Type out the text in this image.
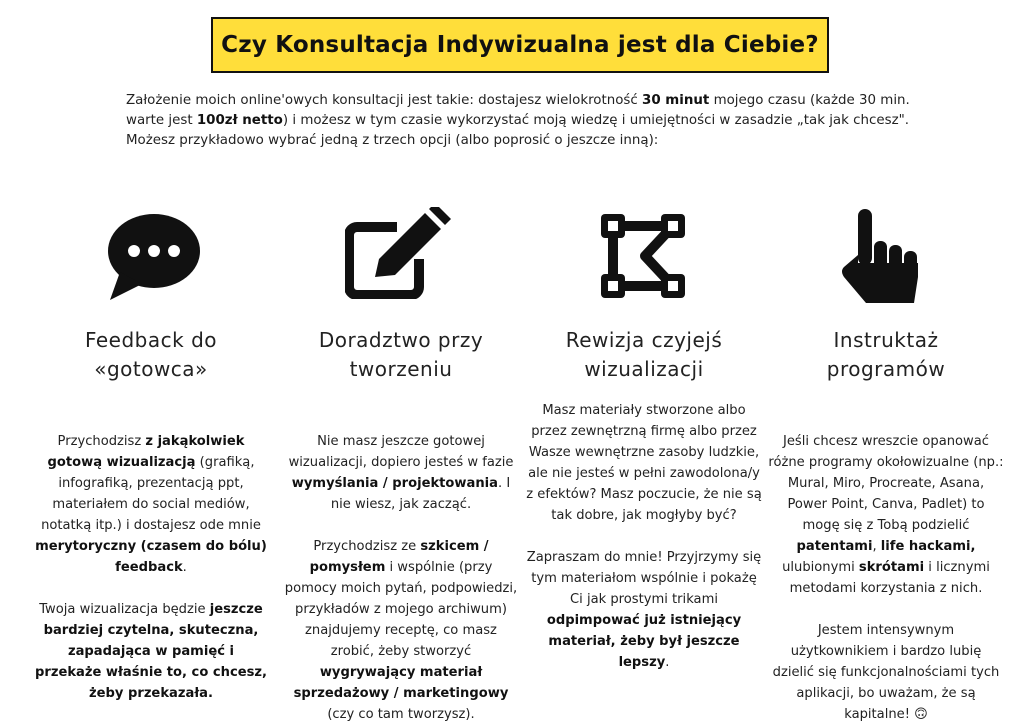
Czy Konsultacja Indywizualna jest dla Ciebie?

Założenie moich online'owych konsultacji jest takie: dostajesz wielokrotność 30 minut mojego czasu (każde 30 min. warte jest 100zł netto) i możesz w tym czasie wykorzystać moją wiedzę i umiejętności w zasadzie „tak jak chcesz".

Możesz przykładowo wybrać jedną z trzech opcji (albo poprosić o jeszcze inną):

Feedback do
«gotowca»

Przychodzisz z jakąkolwiek gotową wizualizacją (grafiką, infografiką, prezentacją ppt, materiałem do social mediów, notatką itp.) i dostajesz ode mnie merytoryczny (czasem do bólu) feedback.

Twoja wizualizacja będzie jeszcze bardziej czytelna, skuteczna, zapadająca w pamięć i przekaże właśnie to, co chcesz, żeby przekazała.

Doradztwo przy
tworzeniu

Nie masz jeszcze gotowej wizualizacji, dopiero jesteś w fazie wymyślania / projektowania. I nie wiesz, jak zacząć.

Przychodzisz ze szkicem / pomysłem i wspólnie (przy pomocy moich pytań, podpowiedzi, przykładów z mojego archiwum) znajdujemy receptę, co masz zrobić, żeby stworzyć wygrywający materiał sprzedażowy / marketingowy (czy co tam tworzysz).

Rewizja czyjejś
wizualizacji

Masz materiały stworzone albo przez zewnętrzną firmę albo przez Wasze wewnętrzne zasoby ludzkie, ale nie jesteś w pełni zawodolona/y z efektów? Masz poczucie, że nie są tak dobre, jak mogłyby być?

Zapraszam do mnie! Przyjrzymy się tym materiałom wspólnie i pokażę Ci jak prostymi trikami odpimpować już istniejący materiał, żeby był jeszcze lepszy.

Instruktaż
programów

Jeśli chcesz wreszcie opanować różne programy okołowizualne (np.: Mural, Miro, Procreate, Asana, Power Point, Canva, Padlet) to mogę się z Tobą podzielić patentami, life hackami, ulubionymi skrótami i licznymi metodami korzystania z nich.

Jestem intensywnym użytkownikiem i bardzo lubię dzielić się funkcjonalnościami tych aplikacji, bo uważam, że są kapitalne! 🙃
